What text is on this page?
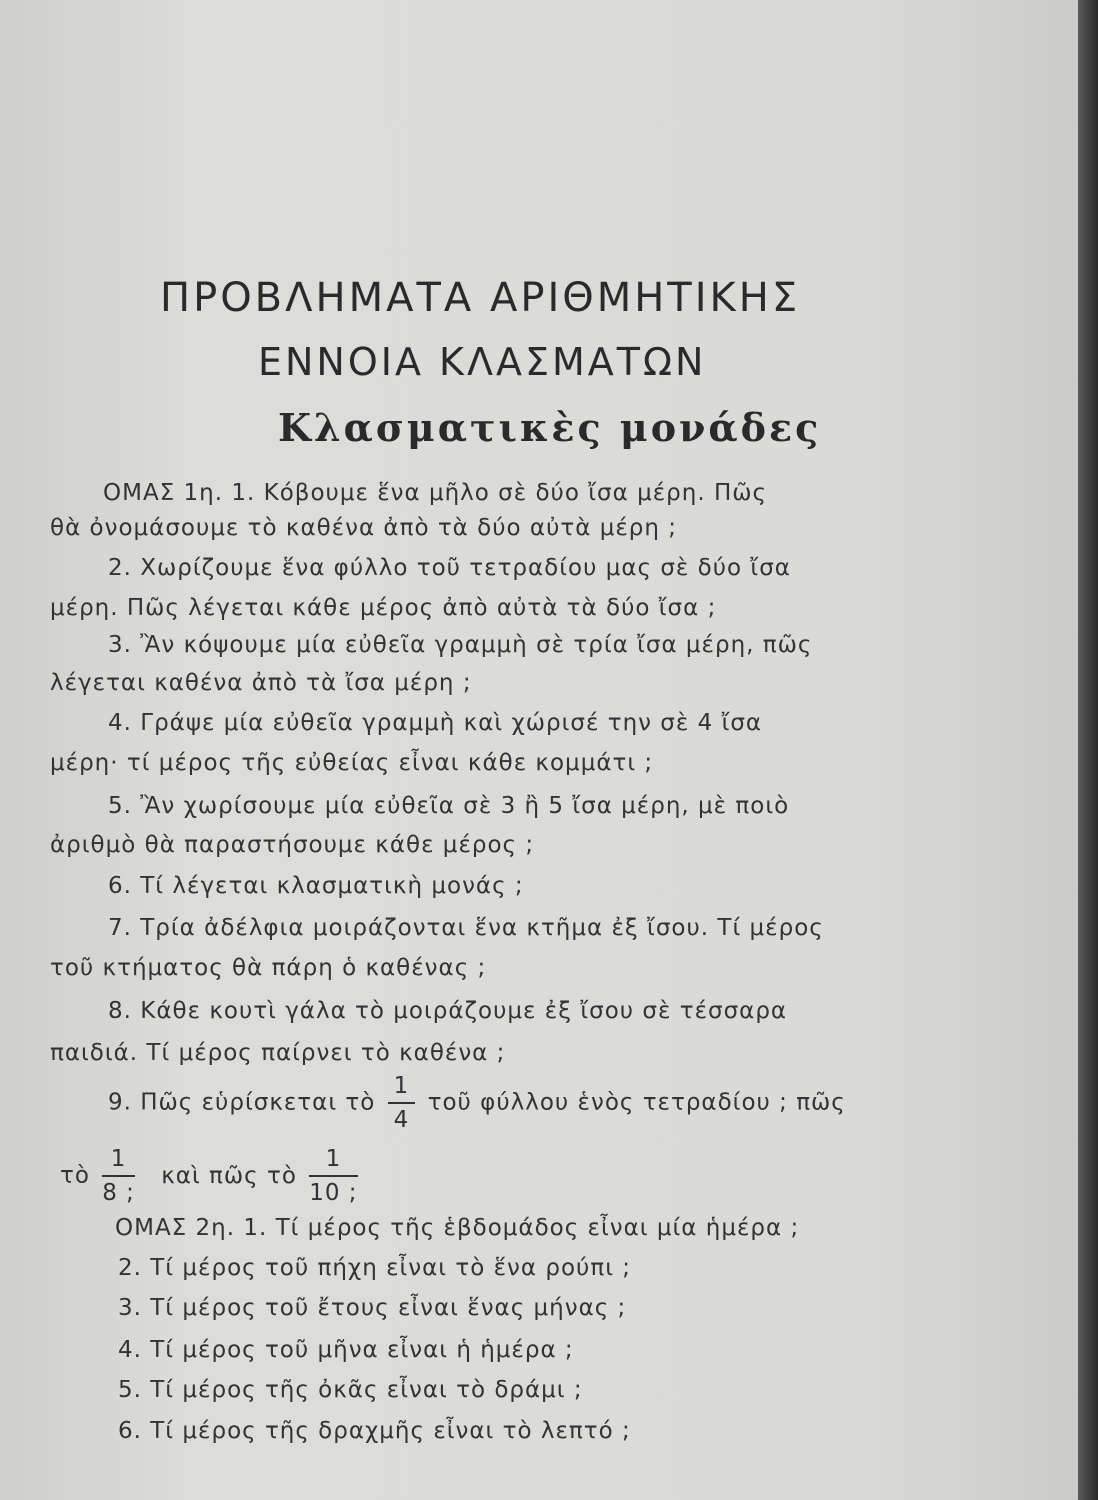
ΠΡΟΒΛΗΜΑΤΑ ΑΡΙΘΜΗΤΙΚΗΣ
ΕΝΝΟΙΑ ΚΛΑΣΜΑΤΩΝ
Κλασματικὲς μονάδες
ΟΜΑΣ 1η. 1. Κόβουμε ἕνα μῆλο σὲ δύο ἴσα μέρη. Πῶς
θὰ ὀνομάσουμε τὸ καθένα ἀπὸ τὰ δύο αὐτὰ μέρη ;
2. Χωρίζουμε ἕνα φύλλο τοῦ τετραδίου μας σὲ δύο ἴσα
μέρη. Πῶς λέγεται κάθε μέρος ἀπὸ αὐτὰ τὰ δύο ἴσα ;
3. Ἂν κόψουμε μία εὐθεῖα γραμμὴ σὲ τρία ἴσα μέρη, πῶς
λέγεται καθένα ἀπὸ τὰ ἴσα μέρη ;
4. Γράψε μία εὐθεῖα γραμμὴ καὶ χώρισέ την σὲ 4 ἴσα
μέρη· τί μέρος τῆς εὐθείας εἶναι κάθε κομμάτι ;
5. Ἂν χωρίσουμε μία εὐθεῖα σὲ 3 ἢ 5 ἴσα μέρη, μὲ ποιὸ
ἀριθμὸ θὰ παραστήσουμε κάθε μέρος ;
6. Τί λέγεται κλασματικὴ μονάς ;
7. Τρία ἀδέλφια μοιράζονται ἕνα κτῆμα ἐξ ἴσου. Τί μέρος
τοῦ κτήματος θὰ πάρη ὁ καθένας ;
8. Κάθε κουτὶ γάλα τὸ μοιράζουμε ἐξ ἴσου σὲ τέσσαρα
παιδιά. Τί μέρος παίρνει τὸ καθένα ;
9. Πῶς εὑρίσκεται τὸ $\frac{1}{4}$ τοῦ φύλλου ἑνὸς τετραδίου ; πῶς
τὸ $\frac{1}{8 ;}$ καὶ πῶς τὸ $\frac{1}{10 ;}$
ΟΜΑΣ 2η. 1. Τί μέρος τῆς ἑβδομάδος εἶναι μία ἡμέρα ;
2. Τί μέρος τοῦ πήχη εἶναι τὸ ἕνα ρούπι ;
3. Τί μέρος τοῦ ἔτους εἶναι ἕνας μήνας ;
4. Τί μέρος τοῦ μῆνα εἶναι ἡ ἡμέρα ;
5. Τί μέρος τῆς ὀκᾶς εἶναι τὸ δράμι ;
6. Τί μέρος τῆς δραχμῆς εἶναι τὸ λεπτό ;
